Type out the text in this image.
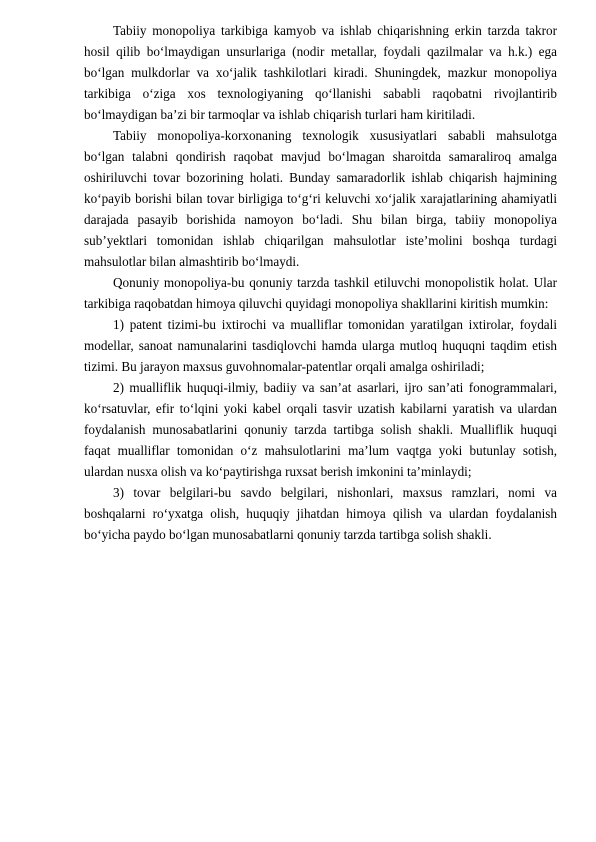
Tabiiy monopoliya tarkibiga kamyob va ishlab chiqarishning erkin tarzda takror hosil qilib bo‘lmaydigan unsurlariga (nodir metallar, foydali qazilmalar va h.k.) ega bo‘lgan mulkdorlar va xo‘jalik tashkilotlari kiradi. Shuningdek, mazkur monopoliya tarkibiga o‘ziga xos texnologiyaning qo‘llanishi sababli raqobatni rivojlantirib bo‘lmaydigan ba’zi bir tarmoqlar va ishlab chiqarish turlari ham kiritiladi.

Tabiiy monopoliya-korxonaning texnologik xususiyatlari sababli mahsulotga bo‘lgan talabni qondirish raqobat mavjud bo‘lmagan sharoitda samaraliroq amalga oshiriluvchi tovar bozorining holati. Bunday samaradorlik ishlab chiqarish hajmining ko‘payib borishi bilan tovar birligiga to‘g‘ri keluvchi xo‘jalik xarajatlarining ahamiyatli darajada pasayib borishida namoyon bo‘ladi. Shu bilan birga, tabiiy monopoliya sub’yektlari tomonidan ishlab chiqarilgan mahsulotlar iste’molini boshqa turdagi mahsulotlar bilan almashtirib bo‘lmaydi.

Qonuniy monopoliya-bu qonuniy tarzda tashkil etiluvchi monopolistik holat. Ular tarkibiga raqobatdan himoya qiluvchi quyidagi monopoliya shakllarini kiritish mumkin:

1) patent tizimi-bu ixtirochi va mualliflar tomonidan yaratilgan ixtirolar, foydali modellar, sanoat namunalarini tasdiqlovchi hamda ularga mutloq huquqni taqdim etish tizimi. Bu jarayon maxsus guvohnomalar-patentlar orqali amalga oshiriladi;

2) mualliflik huquqi-ilmiy, badiiy va san’at asarlari, ijro san’ati fonogrammalari, ko‘rsatuvlar, efir to‘lqini yoki kabel orqali tasvir uzatish kabilarni yaratish va ulardan foydalanish munosabatlarini qonuniy tarzda tartibga solish shakli. Mualliflik huquqi faqat mualliflar tomonidan o‘z mahsulotlarini ma’lum vaqtga yoki butunlay sotish, ulardan nusxa olish va ko‘paytirishga ruxsat berish imkonini ta’minlaydi;

3) tovar belgilari-bu savdo belgilari, nishonlari, maxsus ramzlari, nomi va boshqalarni ro‘yxatga olish, huquqiy jihatdan himoya qilish va ulardan foydalanish bo‘yicha paydo bo‘lgan munosabatlarni qonuniy tarzda tartibga solish shakli.
